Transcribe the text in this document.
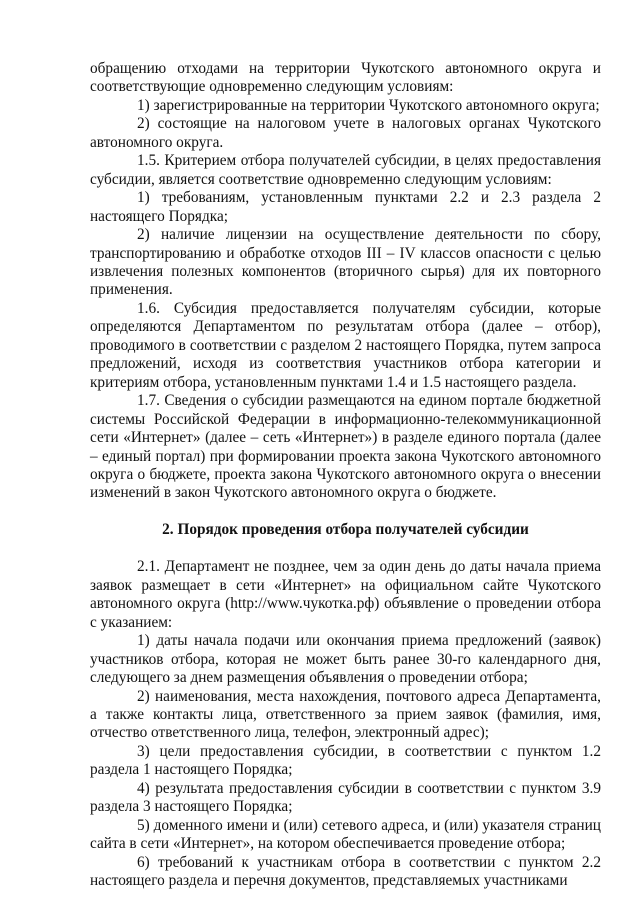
обращению отходами на территории Чукотского автономного округа и соответствующие одновременно следующим условиям:

1) зарегистрированные на территории Чукотского автономного округа;

2) состоящие на налоговом учете в налоговых органах Чукотского автономного округа.

1.5. Критерием отбора получателей субсидии, в целях предоставления субсидии, является соответствие одновременно следующим условиям:

1) требованиям, установленным пунктами 2.2 и 2.3 раздела 2 настоящего Порядка;

2) наличие лицензии на осуществление деятельности по сбору, транспортированию и обработке отходов III – IV классов опасности с целью извлечения полезных компонентов (вторичного сырья) для их повторного применения.

1.6. Субсидия предоставляется получателям субсидии, которые определяются Департаментом по результатам отбора (далее – отбор), проводимого в соответствии с разделом 2 настоящего Порядка, путем запроса предложений, исходя из соответствия участников отбора категории и критериям отбора, установленным пунктами 1.4 и 1.5 настоящего раздела.

1.7. Сведения о субсидии размещаются на едином портале бюджетной системы Российской Федерации в информационно-телекоммуникационной сети «Интернет» (далее – сеть «Интернет») в разделе единого портала (далее – единый портал) при формировании проекта закона Чукотского автономного округа о бюджете, проекта закона Чукотского автономного округа о внесении изменений в закон Чукотского автономного округа о бюджете.

2. Порядок проведения отбора получателей субсидии

2.1. Департамент не позднее, чем за один день до даты начала приема заявок размещает в сети «Интернет» на официальном сайте Чукотского автономного округа (http://www.чукотка.рф) объявление о проведении отбора с указанием:

1) даты начала подачи или окончания приема предложений (заявок) участников отбора, которая не может быть ранее 30-го календарного дня, следующего за днем размещения объявления о проведении отбора;

2) наименования, места нахождения, почтового адреса Департамента, а также контакты лица, ответственного за прием заявок (фамилия, имя, отчество ответственного лица, телефон, электронный адрес);

3) цели предоставления субсидии, в соответствии с пунктом 1.2 раздела 1 настоящего Порядка;

4) результата предоставления субсидии в соответствии с пунктом 3.9 раздела 3 настоящего Порядка;

5) доменного имени и (или) сетевого адреса, и (или) указателя страниц сайта в сети «Интернет», на котором обеспечивается проведение отбора;

6) требований к участникам отбора в соответствии с пунктом 2.2 настоящего раздела и перечня документов, представляемых участниками
